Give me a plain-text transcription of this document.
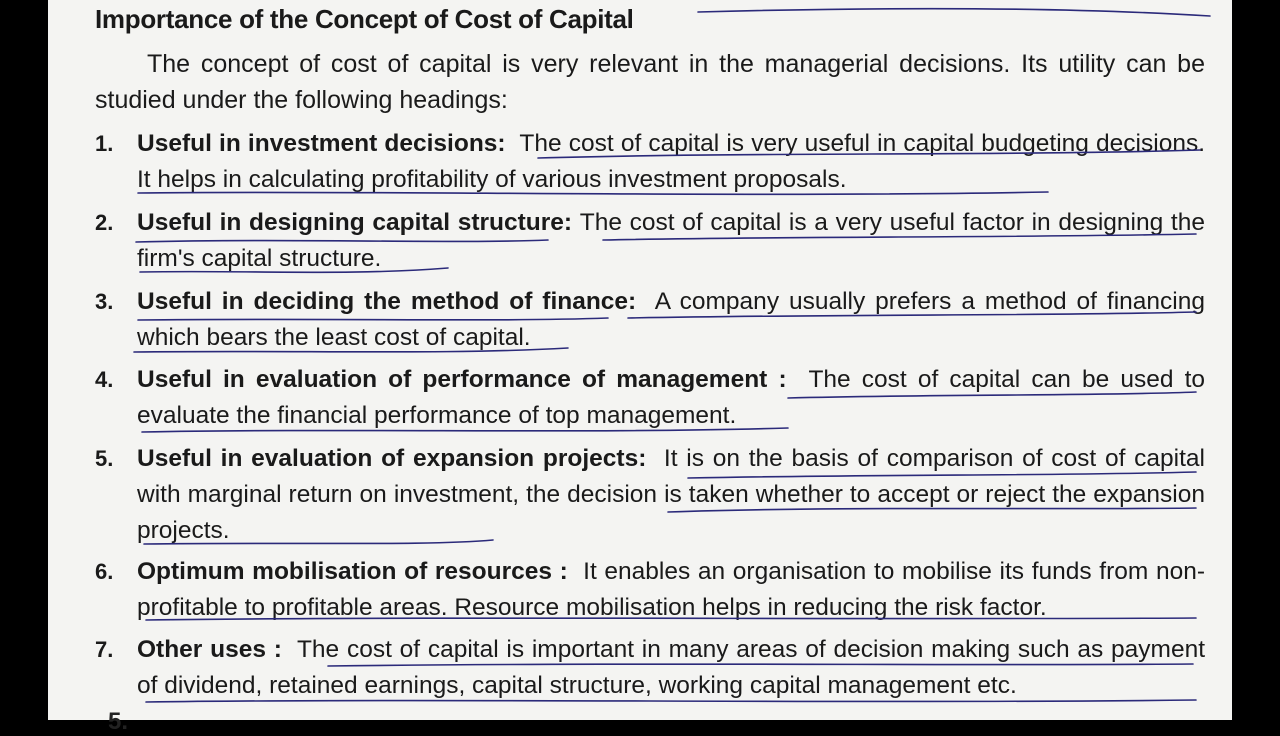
Importance of the Concept of Cost of Capital
The concept of cost of capital is very relevant in the managerial decisions. Its utility can be studied under the following headings:
1. Useful in investment decisions: The cost of capital is very useful in capital budgeting decisions. It helps in calculating profitability of various investment proposals.
2. Useful in designing capital structure: The cost of capital is a very useful factor in designing the firm's capital structure.
3. Useful in deciding the method of finance: A company usually prefers a method of financing which bears the least cost of capital.
4. Useful in evaluation of performance of management : The cost of capital can be used to evaluate the financial performance of top management.
5. Useful in evaluation of expansion projects: It is on the basis of comparison of cost of capital with marginal return on investment, the decision is taken whether to accept or reject the expansion projects.
6. Optimum mobilisation of resources : It enables an organisation to mobilise its funds from non-profitable to profitable areas. Resource mobilisation helps in reducing the risk factor.
7. Other uses : The cost of capital is important in many areas of decision making such as payment of dividend, retained earnings, capital structure, working capital management etc.
5.
